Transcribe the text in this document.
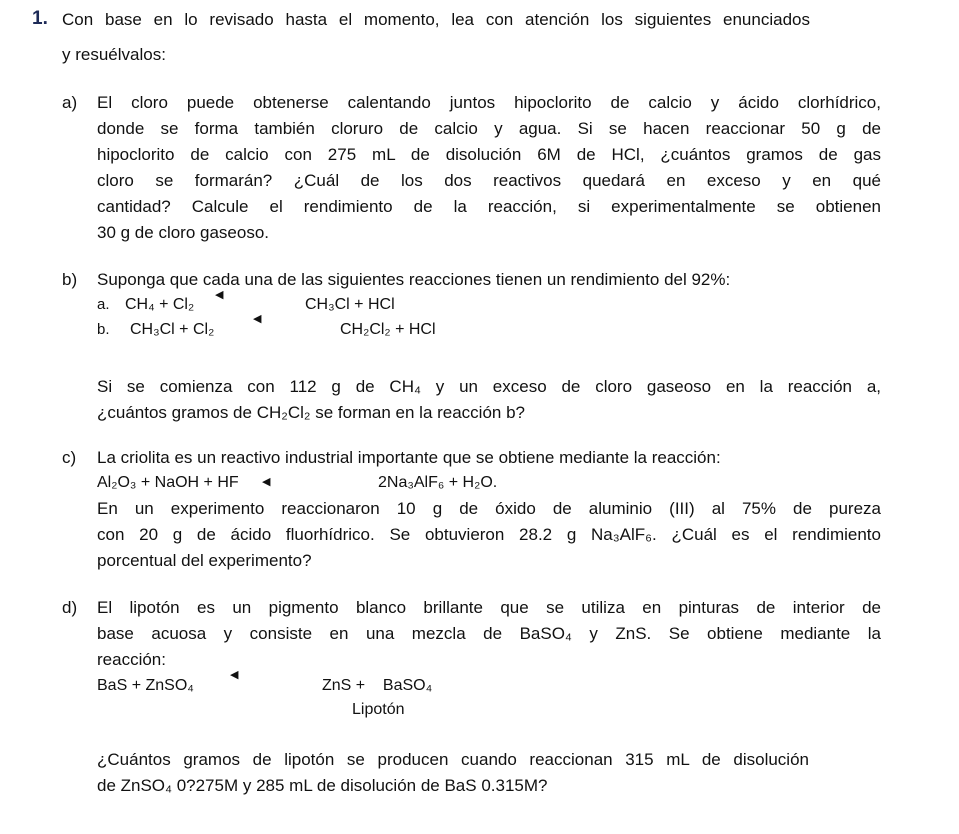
1. Con base en lo revisado hasta el momento, lea con atención los siguientes enunciados
y resuélvalos:
a) El cloro puede obtenerse calentando juntos hipoclorito de calcio y ácido clorhídrico,
donde se forma también cloruro de calcio y agua. Si se hacen reaccionar 50 g de
hipoclorito de calcio con 275 mL de disolución 6M de HCl, ¿cuántos gramos de gas
cloro se formarán? ¿Cuál de los dos reactivos quedará en exceso y en qué
cantidad? Calcule el rendimiento de la reacción, si experimentalmente se obtienen
30 g de cloro gaseoso.
b) Suponga que cada una de las siguientes reacciones tienen un rendimiento del 92%:
a. CH₄ + Cl₂
◀
CH₃Cl + HCl
b. CH₃Cl + Cl₂
◀
CH₂Cl₂ + HCl
Si se comienza con 112 g de CH₄ y un exceso de cloro gaseoso en la reacción a,
¿cuántos gramos de CH₂Cl₂ se forman en la reacción b?
c) La criolita es un reactivo industrial importante que se obtiene mediante la reacción:
Al₂O₃ + NaOH + HF ◀	2Na₃AlF₆ + H₂O.
En un experimento reaccionaron 10 g de óxido de aluminio (III) al 75% de pureza
con 20 g de ácido fluorhídrico. Se obtuvieron 28.2 g Na₃AlF₆. ¿Cuál es el rendimiento
porcentual del experimento?
d) El lipotón es un pigmento blanco brillante que se utiliza en pinturas de interior de
base acuosa y consiste en una mezcla de BaSO₄ y ZnS. Se obtiene mediante la
reacción:
BaS + ZnSO₄
◀
ZnS +    BaSO₄
Lipotón
¿Cuántos gramos de lipotón se producen cuando reaccionan 315 mL de disolución
de ZnSO₄ 0?275M y 285 mL de disolución de BaS 0.315M?
